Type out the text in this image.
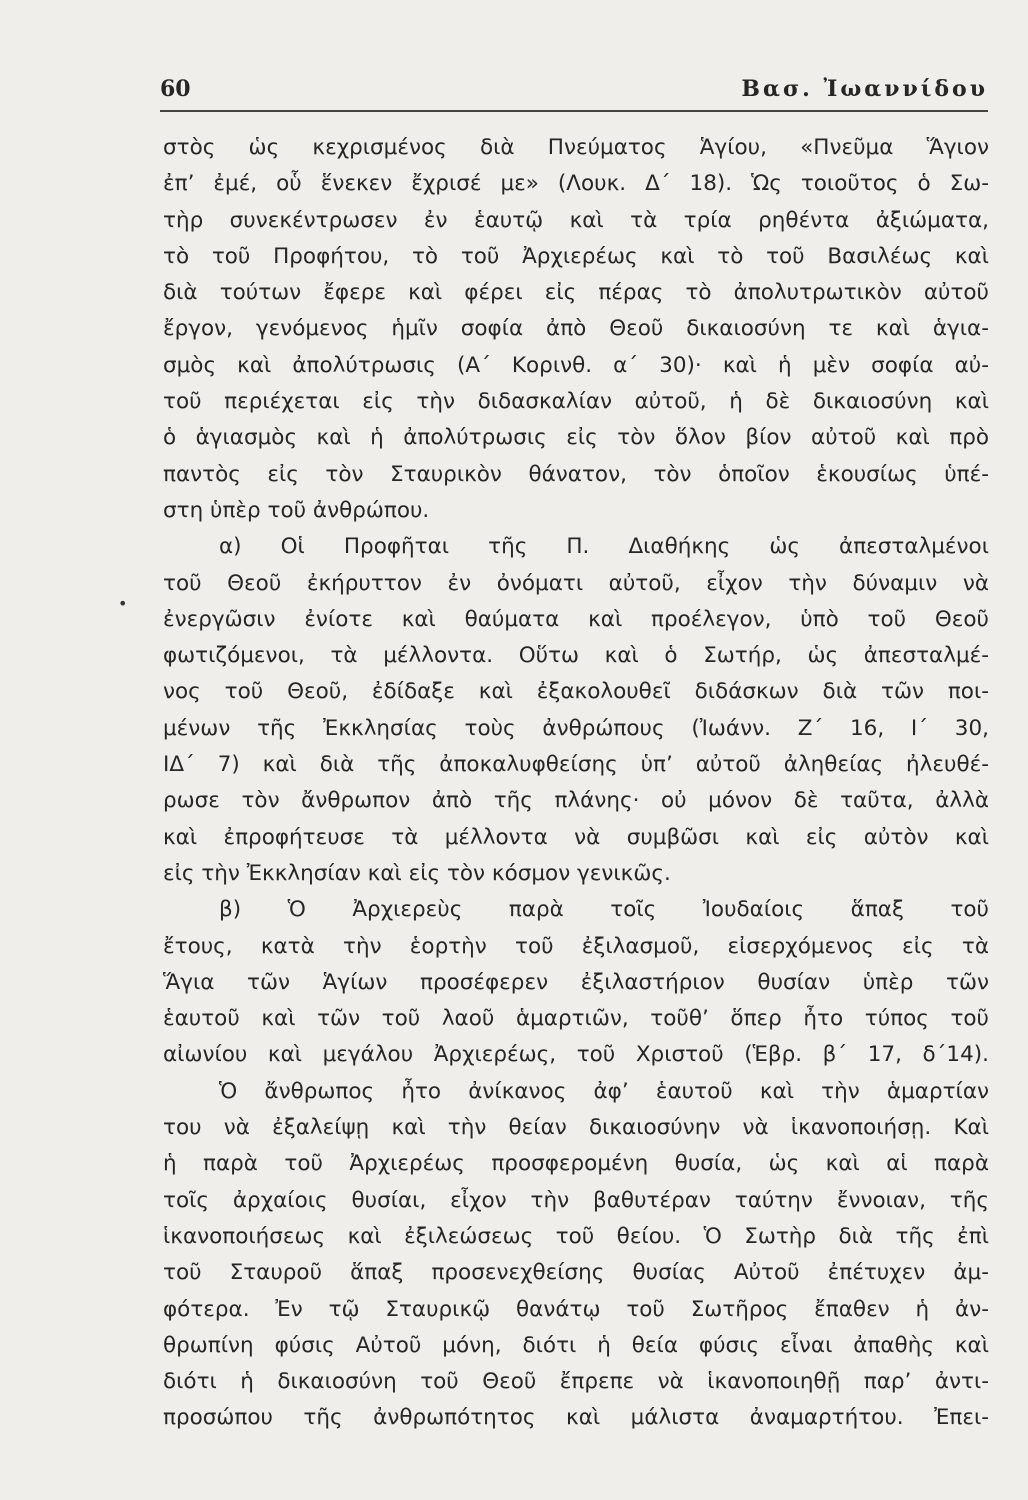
60	Βασ. Ἰωαννίδου
•
στὸς ὡς κεχρισμένος διὰ Πνεύματος Ἁγίου, «Πνεῦμα Ἅγιον
ἐπ’ ἐμέ, οὗ ἕνεκεν ἔχρισέ με» (Λουκ. Δ΄ 18). Ὡς τοιοῦτος ὁ Σω-
τὴρ συνεκέντρωσεν ἐν ἑαυτῷ καὶ τὰ τρία ρηθέντα ἀξιώματα,
τὸ τοῦ Προφήτου, τὸ τοῦ Ἀρχιερέως καὶ τὸ τοῦ Βασιλέως καὶ
διὰ τούτων ἔφερε καὶ φέρει εἰς πέρας τὸ ἀπολυτρωτικὸν αὐτοῦ
ἔργον, γενόμενος ἡμῖν σοφία ἀπὸ Θεοῦ δικαιοσύνη τε καὶ ἁγια-
σμὸς καὶ ἀπολύτρωσις (Α΄ Κορινθ. α΄ 30)· καὶ ἡ μὲν σοφία αὐ-
τοῦ περιέχεται εἰς τὴν διδασκαλίαν αὐτοῦ, ἡ δὲ δικαιοσύνη καὶ
ὁ ἁγιασμὸς καὶ ἡ ἀπολύτρωσις εἰς τὸν ὅλον βίον αὐτοῦ καὶ πρὸ
παντὸς εἰς τὸν Σταυρικὸν θάνατον, τὸν ὁποῖον ἑκουσίως ὑπέ-
στη ὑπὲρ τοῦ ἀνθρώπου.
α) Οἱ Προφῆται τῆς Π. Διαθήκης ὡς ἀπεσταλμένοι
τοῦ Θεοῦ ἐκήρυττον ἐν ὀνόματι αὐτοῦ, εἶχον τὴν δύναμιν νὰ
ἐνεργῶσιν ἐνίοτε καὶ θαύματα καὶ προέλεγον, ὑπὸ τοῦ Θεοῦ
φωτιζόμενοι, τὰ μέλλοντα. Οὕτω καὶ ὁ Σωτήρ, ὡς ἀπεσταλμέ-
νος τοῦ Θεοῦ, ἐδίδαξε καὶ ἐξακολουθεῖ διδάσκων διὰ τῶν ποι-
μένων τῆς Ἐκκλησίας τοὺς ἀνθρώπους (Ἰωάνν. Ζ΄ 16, Ι΄ 30,
ΙΔ΄ 7) καὶ διὰ τῆς ἀποκαλυφθείσης ὑπ’ αὐτοῦ ἀληθείας ἠλευθέ-
ρωσε τὸν ἄνθρωπον ἀπὸ τῆς πλάνης· οὐ μόνον δὲ ταῦτα, ἀλλὰ
καὶ ἐπροφήτευσε τὰ μέλλοντα νὰ συμβῶσι καὶ εἰς αὐτὸν καὶ
εἰς τὴν Ἐκκλησίαν καὶ εἰς τὸν κόσμον γενικῶς.
β) Ὁ Ἀρχιερεὺς παρὰ τοῖς Ἰουδαίοις ἅπαξ τοῦ
ἔτους, κατὰ τὴν ἑορτὴν τοῦ ἐξιλασμοῦ, εἰσερχόμενος εἰς τὰ
Ἅγια τῶν Ἁγίων προσέφερεν ἐξιλαστήριον θυσίαν ὑπὲρ τῶν
ἑαυτοῦ καὶ τῶν τοῦ λαοῦ ἁμαρτιῶν, τοῦθ’ ὅπερ ἦτο τύπος τοῦ
αἰωνίου καὶ μεγάλου Ἀρχιερέως, τοῦ Χριστοῦ (Ἑβρ. β΄ 17, δ΄14).
Ὁ ἄνθρωπος ἦτο ἀνίκανος ἀφ’ ἑαυτοῦ καὶ τὴν ἁμαρτίαν
του νὰ ἐξαλείψῃ καὶ τὴν θείαν δικαιοσύνην νὰ ἱκανοποιήσῃ. Καὶ
ἡ παρὰ τοῦ Ἀρχιερέως προσφερομένη θυσία, ὡς καὶ αἱ παρὰ
τοῖς ἀρχαίοις θυσίαι, εἶχον τὴν βαθυτέραν ταύτην ἔννοιαν, τῆς
ἱκανοποιήσεως καὶ ἐξιλεώσεως τοῦ θείου. Ὁ Σωτὴρ διὰ τῆς ἐπὶ
τοῦ Σταυροῦ ἅπαξ προσενεχθείσης θυσίας Αὐτοῦ ἐπέτυχεν ἀμ-
φότερα. Ἐν τῷ Σταυρικῷ θανάτῳ τοῦ Σωτῆρος ἔπαθεν ἡ ἀν-
θρωπίνη φύσις Αὐτοῦ μόνη, διότι ἡ θεία φύσις εἶναι ἀπαθὴς καὶ
διότι ἡ δικαιοσύνη τοῦ Θεοῦ ἔπρεπε νὰ ἱκανοποιηθῇ παρ’ ἀντι-
προσώπου τῆς ἀνθρωπότητος καὶ μάλιστα ἀναμαρτήτου. Ἐπει-
